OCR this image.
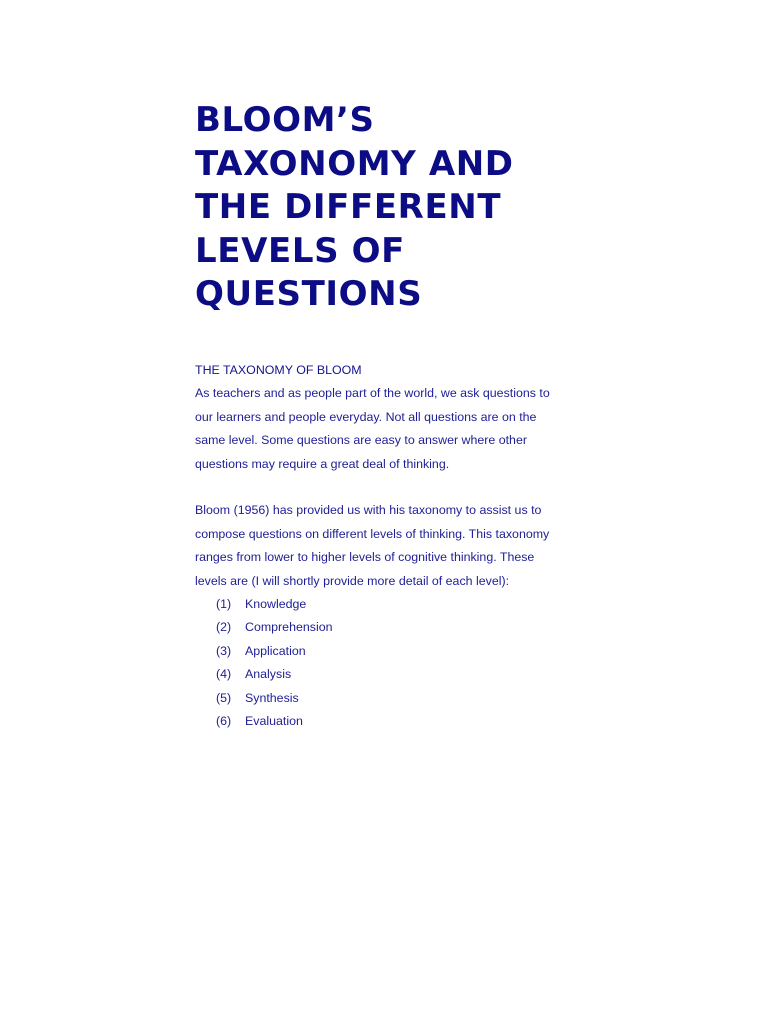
BLOOM’S
TAXONOMY AND
THE DIFFERENT
LEVELS OF
QUESTIONS
THE TAXONOMY OF BLOOM

As teachers and as people part of the world, we ask questions to
our learners and people everyday. Not all questions are on the
same level. Some questions are easy to answer where other
questions may require a great deal of thinking.

Bloom (1956) has provided us with his taxonomy to assist us to
compose questions on different levels of thinking. This taxonomy
ranges from lower to higher levels of cognitive thinking. These
levels are (I will shortly provide more detail of each level):

(1)	Knowledge
(2)	Comprehension
(3)	Application
(4)	Analysis
(5)	Synthesis
(6)	Evaluation
